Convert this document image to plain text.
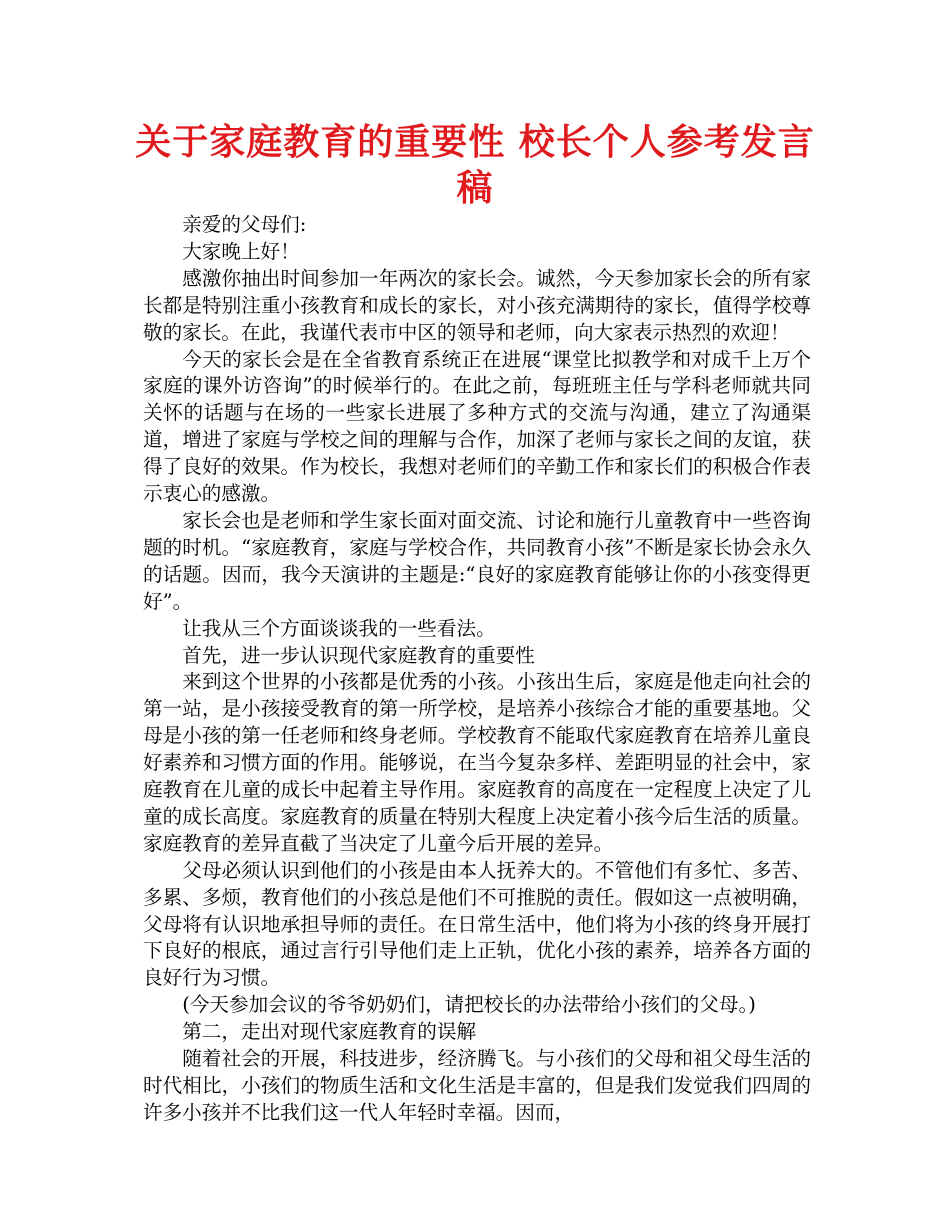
关于家庭教育的重要性 校长个人参考发言稿

亲爱的父母们:

大家晚上好！

感激你抽出时间参加一年两次的家长会。诚然，今天参加家长会的所有家长都是特别注重小孩教育和成长的家长，对小孩充满期待的家长，值得学校尊敬的家长。在此，我谨代表市中区的领导和老师，向大家表示热烈的欢迎！

今天的家长会是在全省教育系统正在进展“课堂比拟教学和对成千上万个家庭的课外访咨询”的时候举行的。在此之前，每班班主任与学科老师就共同关怀的话题与在场的一些家长进展了多种方式的交流与沟通，建立了沟通渠道，增进了家庭与学校之间的理解与合作，加深了老师与家长之间的友谊，获得了良好的效果。作为校长，我想对老师们的辛勤工作和家长们的积极合作表示衷心的感激。

家长会也是老师和学生家长面对面交流、讨论和施行儿童教育中一些咨询题的时机。“家庭教育，家庭与学校合作，共同教育小孩”不断是家长协会永久的话题。因而，我今天演讲的主题是:“良好的家庭教育能够让你的小孩变得更好”。

让我从三个方面谈谈我的一些看法。

首先，进一步认识现代家庭教育的重要性

来到这个世界的小孩都是优秀的小孩。小孩出生后，家庭是他走向社会的第一站，是小孩接受教育的第一所学校，是培养小孩综合才能的重要基地。父母是小孩的第一任老师和终身老师。学校教育不能取代家庭教育在培养儿童良好素养和习惯方面的作用。能够说，在当今复杂多样、差距明显的社会中，家庭教育在儿童的成长中起着主导作用。家庭教育的高度在一定程度上决定了儿童的成长高度。家庭教育的质量在特别大程度上决定着小孩今后生活的质量。家庭教育的差异直截了当决定了儿童今后开展的差异。

父母必须认识到他们的小孩是由本人抚养大的。不管他们有多忙、多苦、多累、多烦，教育他们的小孩总是他们不可推脱的责任。假如这一点被明确，父母将有认识地承担导师的责任。在日常生活中，他们将为小孩的终身开展打下良好的根底，通过言行引导他们走上正轨，优化小孩的素养，培养各方面的良好行为习惯。

(今天参加会议的爷爷奶奶们，请把校长的办法带给小孩们的父母。)

第二，走出对现代家庭教育的误解

随着社会的开展，科技进步，经济腾飞。与小孩们的父母和祖父母生活的时代相比，小孩们的物质生活和文化生活是丰富的，但是我们发觉我们四周的许多小孩并不比我们这一代人年轻时幸福。因而，
